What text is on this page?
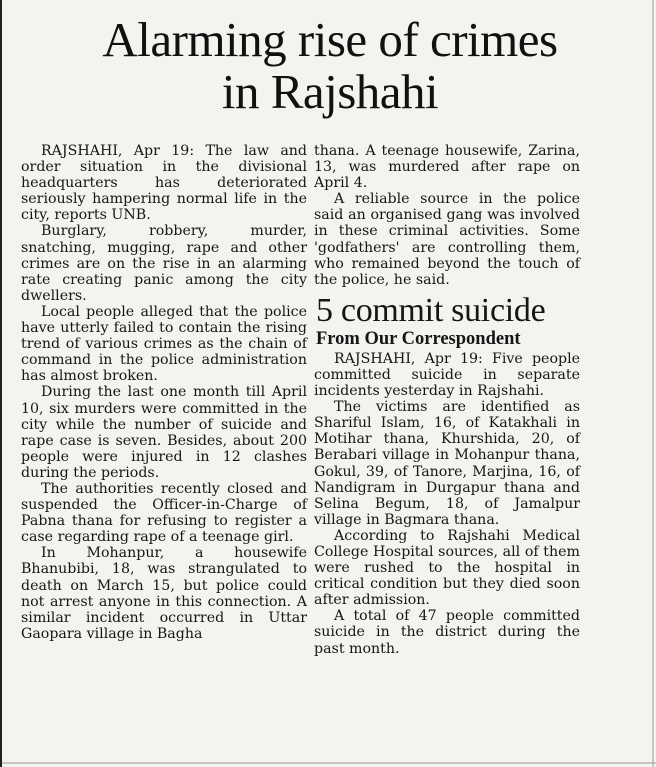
Alarming rise of crimes
in Rajshahi

RAJSHAHI, Apr 19: The law and order situation in the divisional headquarters has deteriorated seriously hampering normal life in the city, reports UNB.

Burglary, robbery, murder, snatching, mugging, rape and other crimes are on the rise in an alarming rate creating panic among the city dwellers.

Local people alleged that the police have utterly failed to contain the rising trend of various crimes as the chain of command in the police administration has almost broken.

During the last one month till April 10, six murders were committed in the city while the number of suicide and rape case is seven. Besides, about 200 people were injured in 12 clashes during the periods.

The authorities recently closed and suspended the Officer-in-Charge of Pabna thana for refusing to register a case regarding rape of a teenage girl.

In Mohanpur, a housewife Bhanubibi, 18, was strangulated to death on March 15, but police could not arrest anyone in this connection. A similar incident occurred in Uttar Gaopara village in Bagha

thana. A teenage housewife, Zarina, 13, was murdered after rape on April 4.

A reliable source in the police said an organised gang was involved in these criminal activities. Some 'godfathers' are controlling them, who remained beyond the touch of the police, he said.

5 commit suicide
From Our Correspondent

RAJSHAHI, Apr 19: Five people committed suicide in separate incidents yesterday in Rajshahi.

The victims are identified as Shariful Islam, 16, of Katakhali in Motihar thana, Khurshida, 20, of Berabari village in Mohanpur thana, Gokul, 39, of Tanore, Marjina, 16, of Nandigram in Durgapur thana and Selina Begum, 18, of Jamalpur village in Bagmara thana.

According to Rajshahi Medical College Hospital sources, all of them were rushed to the hospital in critical condition but they died soon after admission.

A total of 47 people committed suicide in the district during the past month.
